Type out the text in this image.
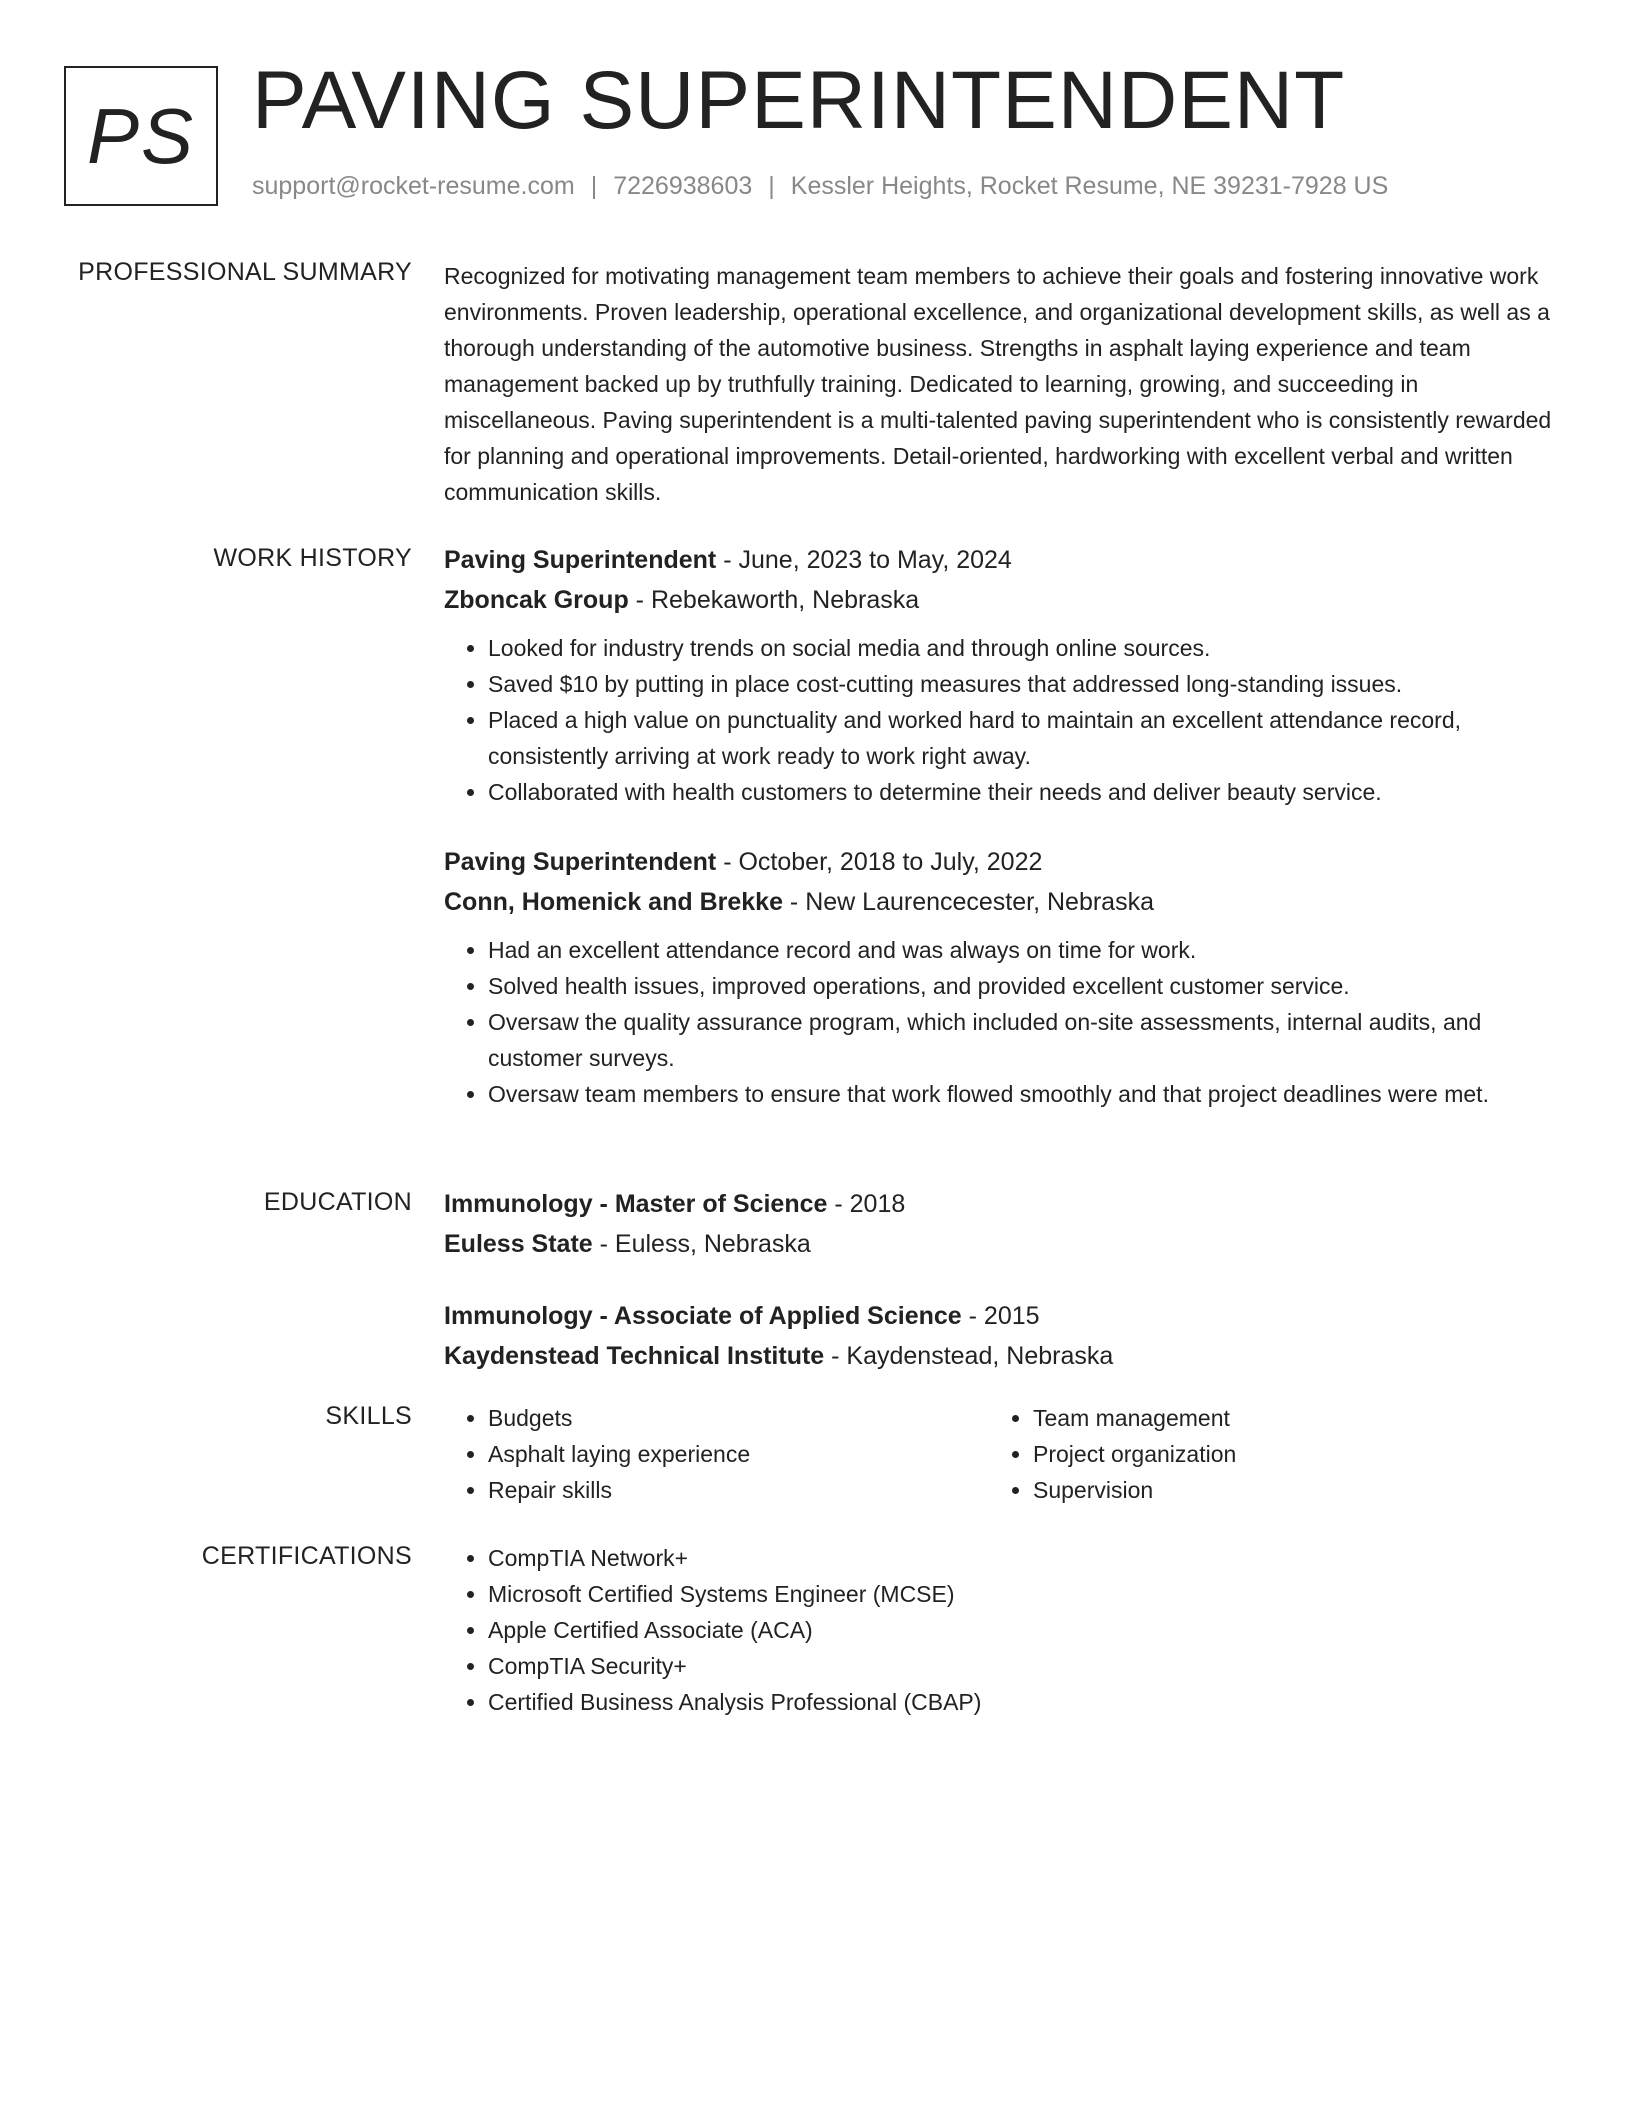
PS PAVING SUPERINTENDENT
support@rocket-resume.com | 7226938603 | Kessler Heights, Rocket Resume, NE 39231-7928 US
PROFESSIONAL SUMMARY Recognized for motivating management team members to achieve their goals and fostering innovative work environments. Proven leadership, operational excellence, and organizational development skills, as well as a thorough understanding of the automotive business. Strengths in asphalt laying experience and team management backed up by truthfully training. Dedicated to learning, growing, and succeeding in miscellaneous. Paving superintendent is a multi-talented paving superintendent who is consistently rewarded for planning and operational improvements. Detail-oriented, hardworking with excellent verbal and written communication skills.
WORK HISTORY Paving Superintendent - June, 2023 to May, 2024
Zboncak Group - Rebekaworth, Nebraska
• Looked for industry trends on social media and through online sources.
• Saved $10 by putting in place cost-cutting measures that addressed long-standing issues.
• Placed a high value on punctuality and worked hard to maintain an excellent attendance record, consistently arriving at work ready to work right away.
• Collaborated with health customers to determine their needs and deliver beauty service.
Paving Superintendent - October, 2018 to July, 2022
Conn, Homenick and Brekke - New Laurencecester, Nebraska
• Had an excellent attendance record and was always on time for work.
• Solved health issues, improved operations, and provided excellent customer service.
• Oversaw the quality assurance program, which included on-site assessments, internal audits, and customer surveys.
• Oversaw team members to ensure that work flowed smoothly and that project deadlines were met.
EDUCATION Immunology - Master of Science - 2018
Euless State - Euless, Nebraska
Immunology - Associate of Applied Science - 2015
Kaydenstead Technical Institute - Kaydenstead, Nebraska
SKILLS	• Budgets
• Asphalt laying experience
• Repair skills
• Team management
• Project organization
• Supervision
CERTIFICATIONS	• CompTIA Network+
• Microsoft Certified Systems Engineer (MCSE)
• Apple Certified Associate (ACA)
• CompTIA Security+
• Certified Business Analysis Professional (CBAP)
